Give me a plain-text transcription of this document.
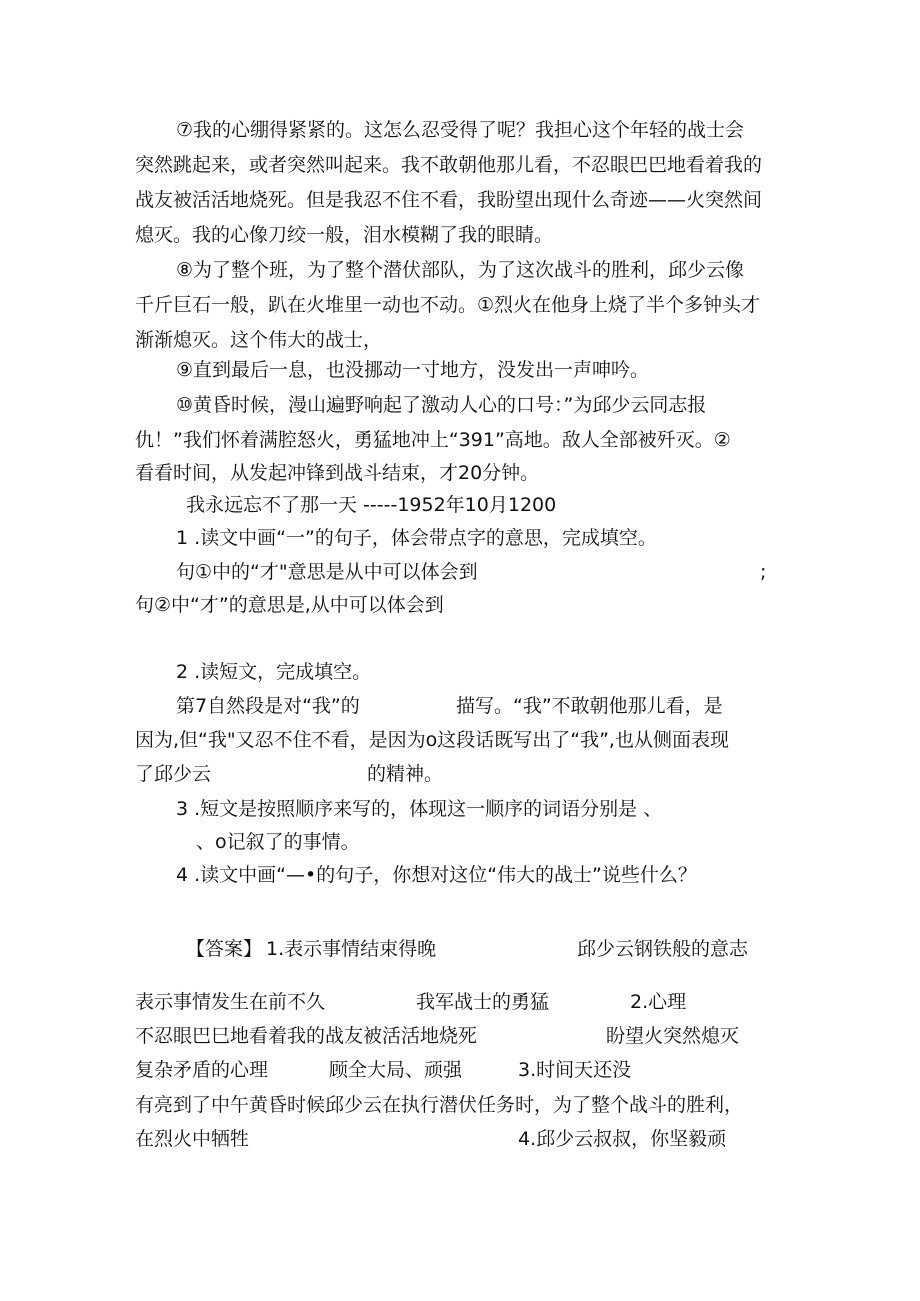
⑦我的心绷得紧紧的。这怎么忍受得了呢？我担心这个年轻的战士会
突然跳起来，或者突然叫起来。我不敢朝他那儿看，不忍眼巴巴地看着我的
战友被活活地烧死。但是我忍不住不看，我盼望出现什么奇迹——火突然间
熄灭。我的心像刀绞一般，泪水模糊了我的眼睛。
⑧为了整个班，为了整个潜伏部队，为了这次战斗的胜利，邱少云像
千斤巨石一般，趴在火堆里一动也不动。①烈火在他身上烧了半个多钟头才
渐渐熄灭。这个伟大的战士，
⑨直到最后一息，也没挪动一寸地方，没发出一声呻吟。
⑩黄昏时候，漫山遍野响起了激动人心的口号：”为邱少云同志报
仇！”我们怀着满腔怒火，勇猛地冲上“391”高地。敌人全部被歼灭。②
看看时间，从发起冲锋到战斗结束，才20分钟。
我永远忘不了那一天 -----1952年10月1200
1 .读文中画“一”的句子，体会带点字的意思，完成填空。
句①中的“才"意思是从中可以体会到	;
句②中“才”的意思是,从中可以体会到
2 .读短文，完成填空。
第7自然段是对“我”的	描写。“我”不敢朝他那儿看，是
因为,但“我"又忍不住不看，是因为o这段话既写出了“我”,也从侧面表现
了邱少云	的精神。
3 .短文是按照顺序来写的，体现这一顺序的词语分别是 、
、o记叙了的事情。
4 .读文中画“—•的句子，你想对这位“伟大的战士”说些什么？
【答案】 1.表示事情结束得晚	邱少云钢铁般的意志
表示事情发生在前不久	我军战士的勇猛	2.心理
不忍眼巴巳地看着我的战友被活活地烧死	盼望火突然熄灭
复杂矛盾的心理	顾全大局、顽强	3.时间天还没
有亮到了中午黄昏时候邱少云在执行潜伏任务时，为了整个战斗的胜利，
在烈火中牺牲	4.邱少云叔叔，你坚毅顽
